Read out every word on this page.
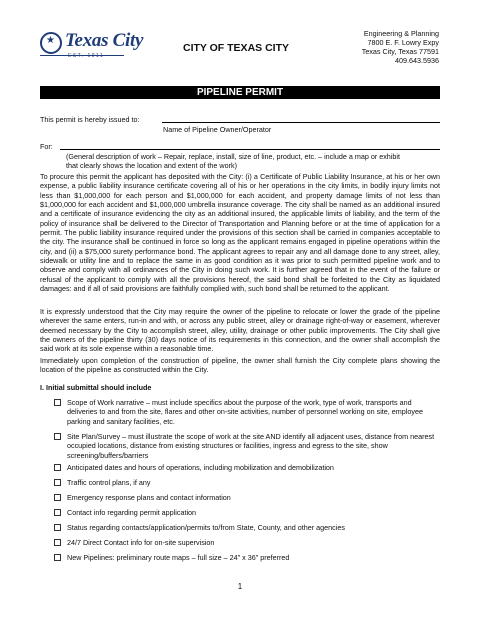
★ Texas City
EST. 1911
CITY OF TEXAS CITY
Engineering & Planning
7800 E. F. Lowry Expy
Texas City, Texas 77591
409.643.5936
PIPELINE PERMIT
This permit is hereby issued to:
Name of Pipeline Owner/Operator
For:
(General description of work – Repair, replace, install, size of line, product, etc. – include a map or exhibit
that clearly shows the location and extent of the work)
To procure this permit the applicant has deposited with the City: (i) a Certificate of Public Liability Insurance, at his or her own expense, a public liability insurance certificate covering all of his or her operations in the city limits, in bodily injury limits not less than $1,000,000 for each person and $1,000,000 for each accident, and property damage limits of not less than $1,000,000 for each accident and $1,000,000 umbrella insurance coverage. The city shall be named as an additional insured and a certificate of insurance evidencing the city as an additional insured, the applicable limits of liability, and the term of the policy of insurance shall be delivered to the Director of Transportation and Planning before or at the time of application for a permit. The public liability insurance required under the provisions of this section shall be carried in companies acceptable to the city. The insurance shall be continued in force so long as the applicant remains engaged in pipeline operations within the city, and (ii) a $75,000 surety performance bond. The applicant agrees to repair any and all damage done to any street, alley, sidewalk or utility line and to replace the same in as good condition as it was prior to such permitted pipeline work and to observe and comply with all ordinances of the City in doing such work. It is further agreed that in the event of the failure or refusal of the applicant to comply with all the provisions hereof, the said bond shall be forfeited to the City as liquidated damages: and if all of said provisions are faithfully complied with, such bond shall be returned to the applicant.
It is expressly understood that the City may require the owner of the pipeline to relocate or lower the grade of the pipeline wherever the same enters, run-in and with, or across any public street, alley or drainage right-of-way or easement, wherever deemed necessary by the City to accomplish street, alley, utility, drainage or other public improvements. The City shall give the owners of the pipeline thirty (30) days notice of its requirements in this connection, and the owner shall accomplish the said work at its sole expense within a reasonable time.
Immediately upon completion of the construction of pipeline, the owner shall furnish the City complete plans showing the location of the pipeline as constructed within the City.
I. Initial submittal should include
Scope of Work narrative – must include specifics about the purpose of the work, type of work, transports and deliveries to and from the site, flares and other on-site activities, number of personnel working on site, employee parking and sanitary facilities, etc.
Site Plan/Survey – must illustrate the scope of work at the site AND identify all adjacent uses, distance from nearest occupied locations, distance from existing structures or facilities, ingress and egress to the site, show screening/buffers/barriers
Anticipated dates and hours of operations, including mobilization and demobilization
Traffic control plans, if any
Emergency response plans and contact information
Contact info regarding permit application
Status regarding contacts/application/permits to/from State, County, and other agencies
24/7 Direct Contact info for on-site supervision
New Pipelines: preliminary route maps – full size – 24" x 36" preferred
1
